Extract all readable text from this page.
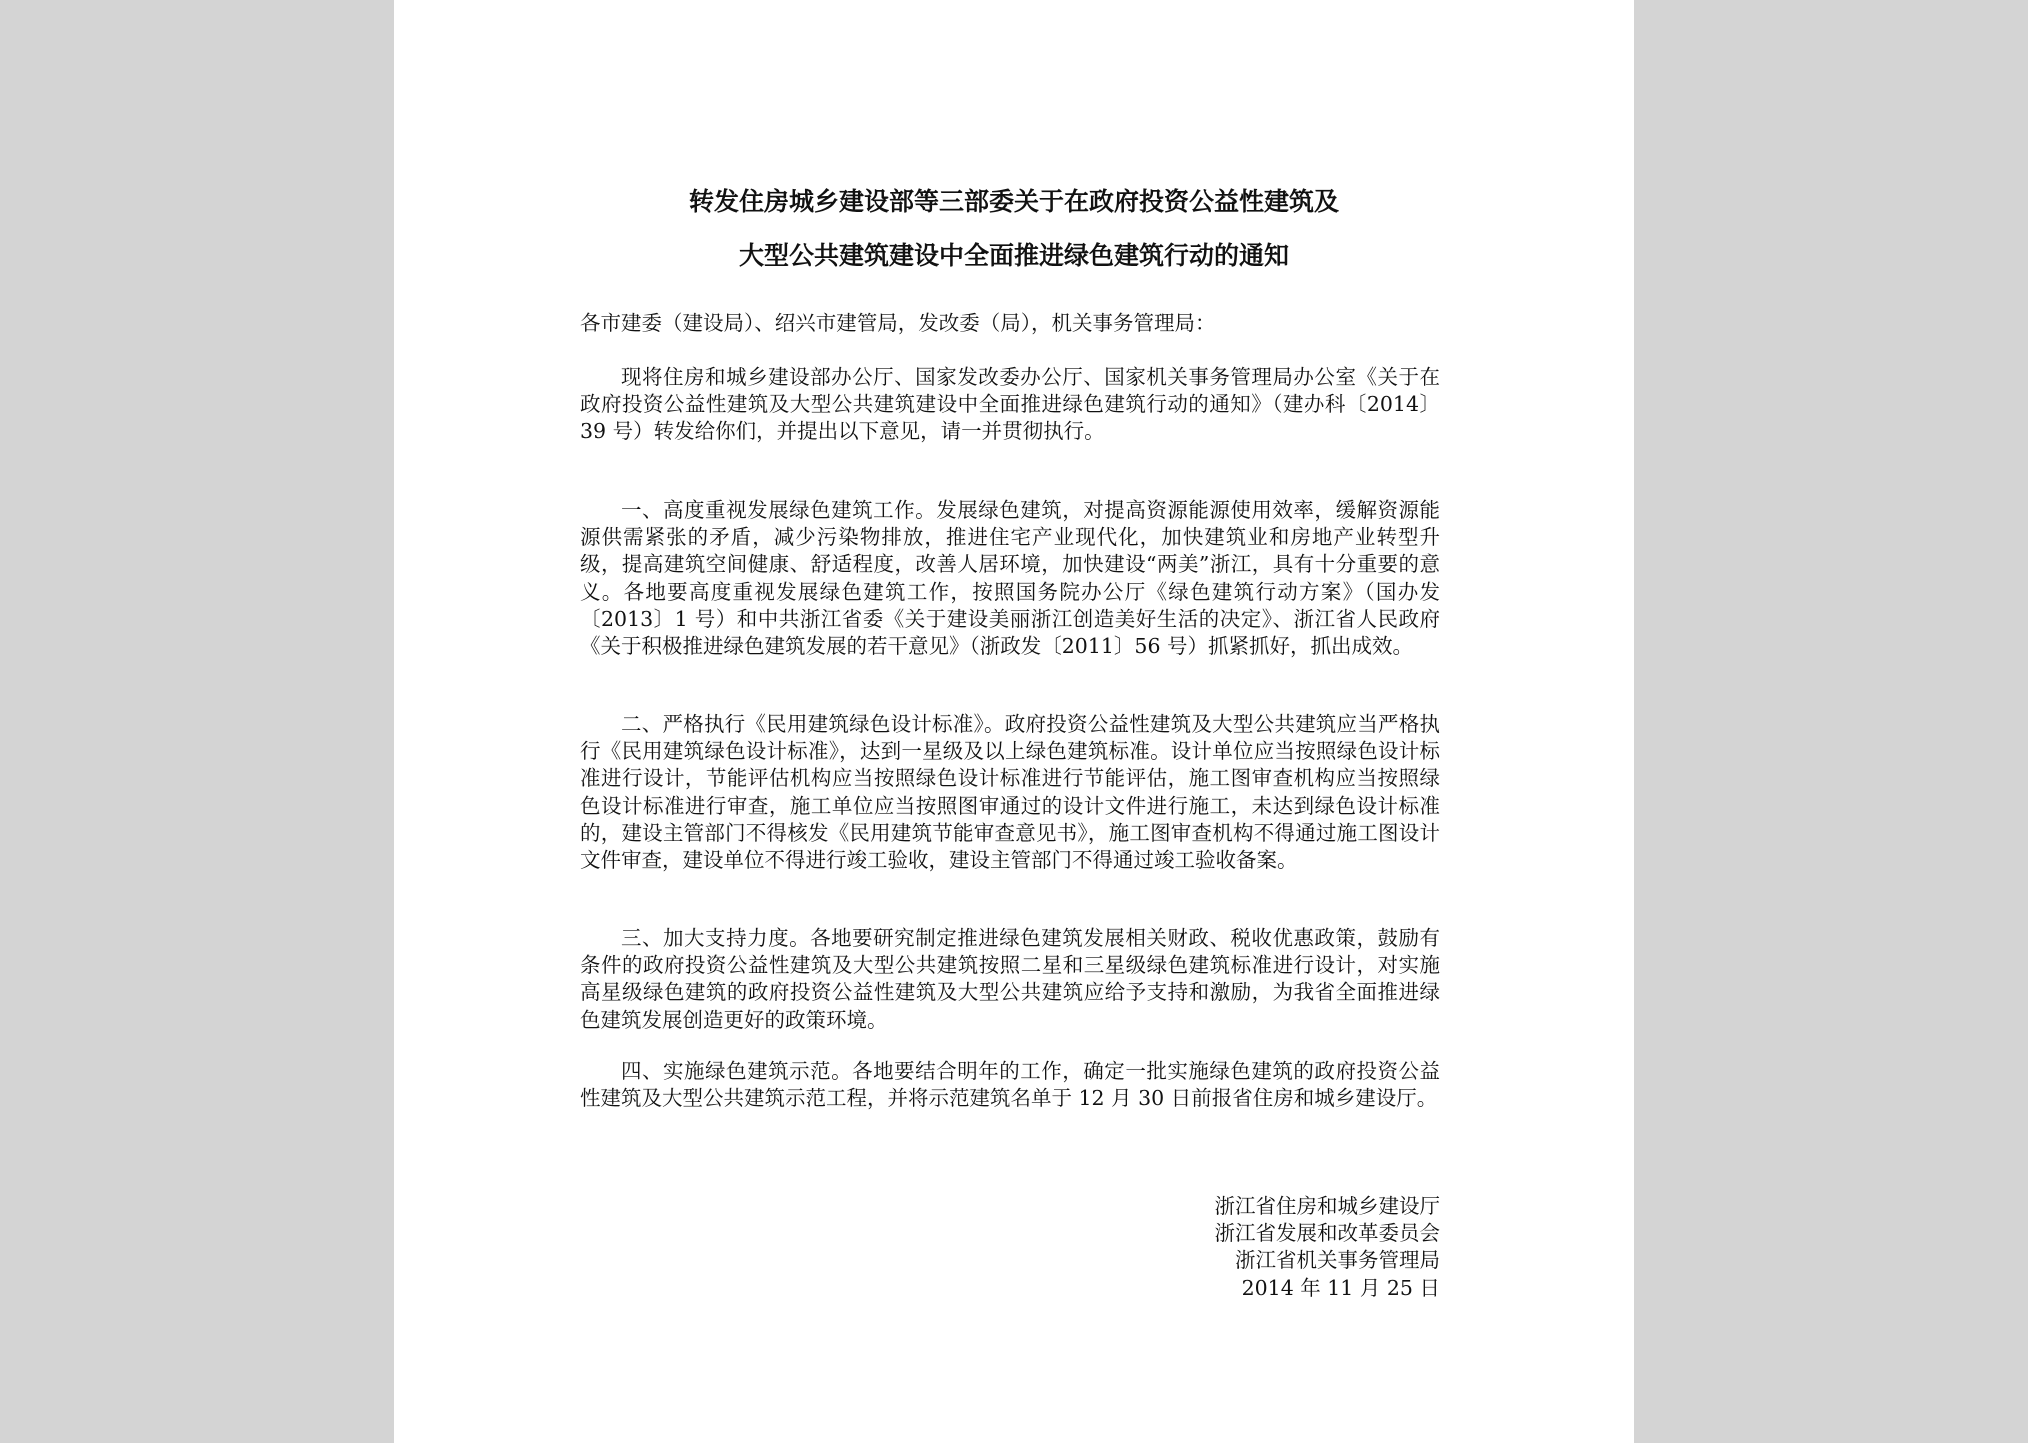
转发住房城乡建设部等三部委关于在政府投资公益性建筑及
大型公共建筑建设中全面推进绿色建筑行动的通知
各市建委（建设局）、绍兴市建管局，发改委（局），机关事务管理局：
现将住房和城乡建设部办公厅、国家发改委办公厅、国家机关事务管理局办公室《关于在政府投资公益性建筑及大型公共建筑建设中全面推进绿色建筑行动的通知》（建办科〔2014〕39 号）转发给你们，并提出以下意见，请一并贯彻执行。
一、高度重视发展绿色建筑工作。发展绿色建筑，对提高资源能源使用效率，缓解资源能源供需紧张的矛盾，减少污染物排放，推进住宅产业现代化，加快建筑业和房地产业转型升级，提高建筑空间健康、舒适程度，改善人居环境，加快建设“两美”浙江，具有十分重要的意义。各地要高度重视发展绿色建筑工作，按照国务院办公厅《绿色建筑行动方案》（国办发〔2013〕1 号）和中共浙江省委《关于建设美丽浙江创造美好生活的决定》、浙江省人民政府《关于积极推进绿色建筑发展的若干意见》（浙政发〔2011〕56 号）抓紧抓好，抓出成效。
二、严格执行《民用建筑绿色设计标准》。政府投资公益性建筑及大型公共建筑应当严格执行《民用建筑绿色设计标准》，达到一星级及以上绿色建筑标准。设计单位应当按照绿色设计标准进行设计，节能评估机构应当按照绿色设计标准进行节能评估，施工图审查机构应当按照绿色设计标准进行审查，施工单位应当按照图审通过的设计文件进行施工，未达到绿色设计标准的，建设主管部门不得核发《民用建筑节能审查意见书》，施工图审查机构不得通过施工图设计文件审查，建设单位不得进行竣工验收，建设主管部门不得通过竣工验收备案。
三、加大支持力度。各地要研究制定推进绿色建筑发展相关财政、税收优惠政策，鼓励有条件的政府投资公益性建筑及大型公共建筑按照二星和三星级绿色建筑标准进行设计，对实施高星级绿色建筑的政府投资公益性建筑及大型公共建筑应给予支持和激励，为我省全面推进绿色建筑发展创造更好的政策环境。
四、实施绿色建筑示范。各地要结合明年的工作，确定一批实施绿色建筑的政府投资公益性建筑及大型公共建筑示范工程，并将示范建筑名单于 12 月 30 日前报省住房和城乡建设厅。
浙江省住房和城乡建设厅
浙江省发展和改革委员会
浙江省机关事务管理局
2014 年 11 月 25 日
